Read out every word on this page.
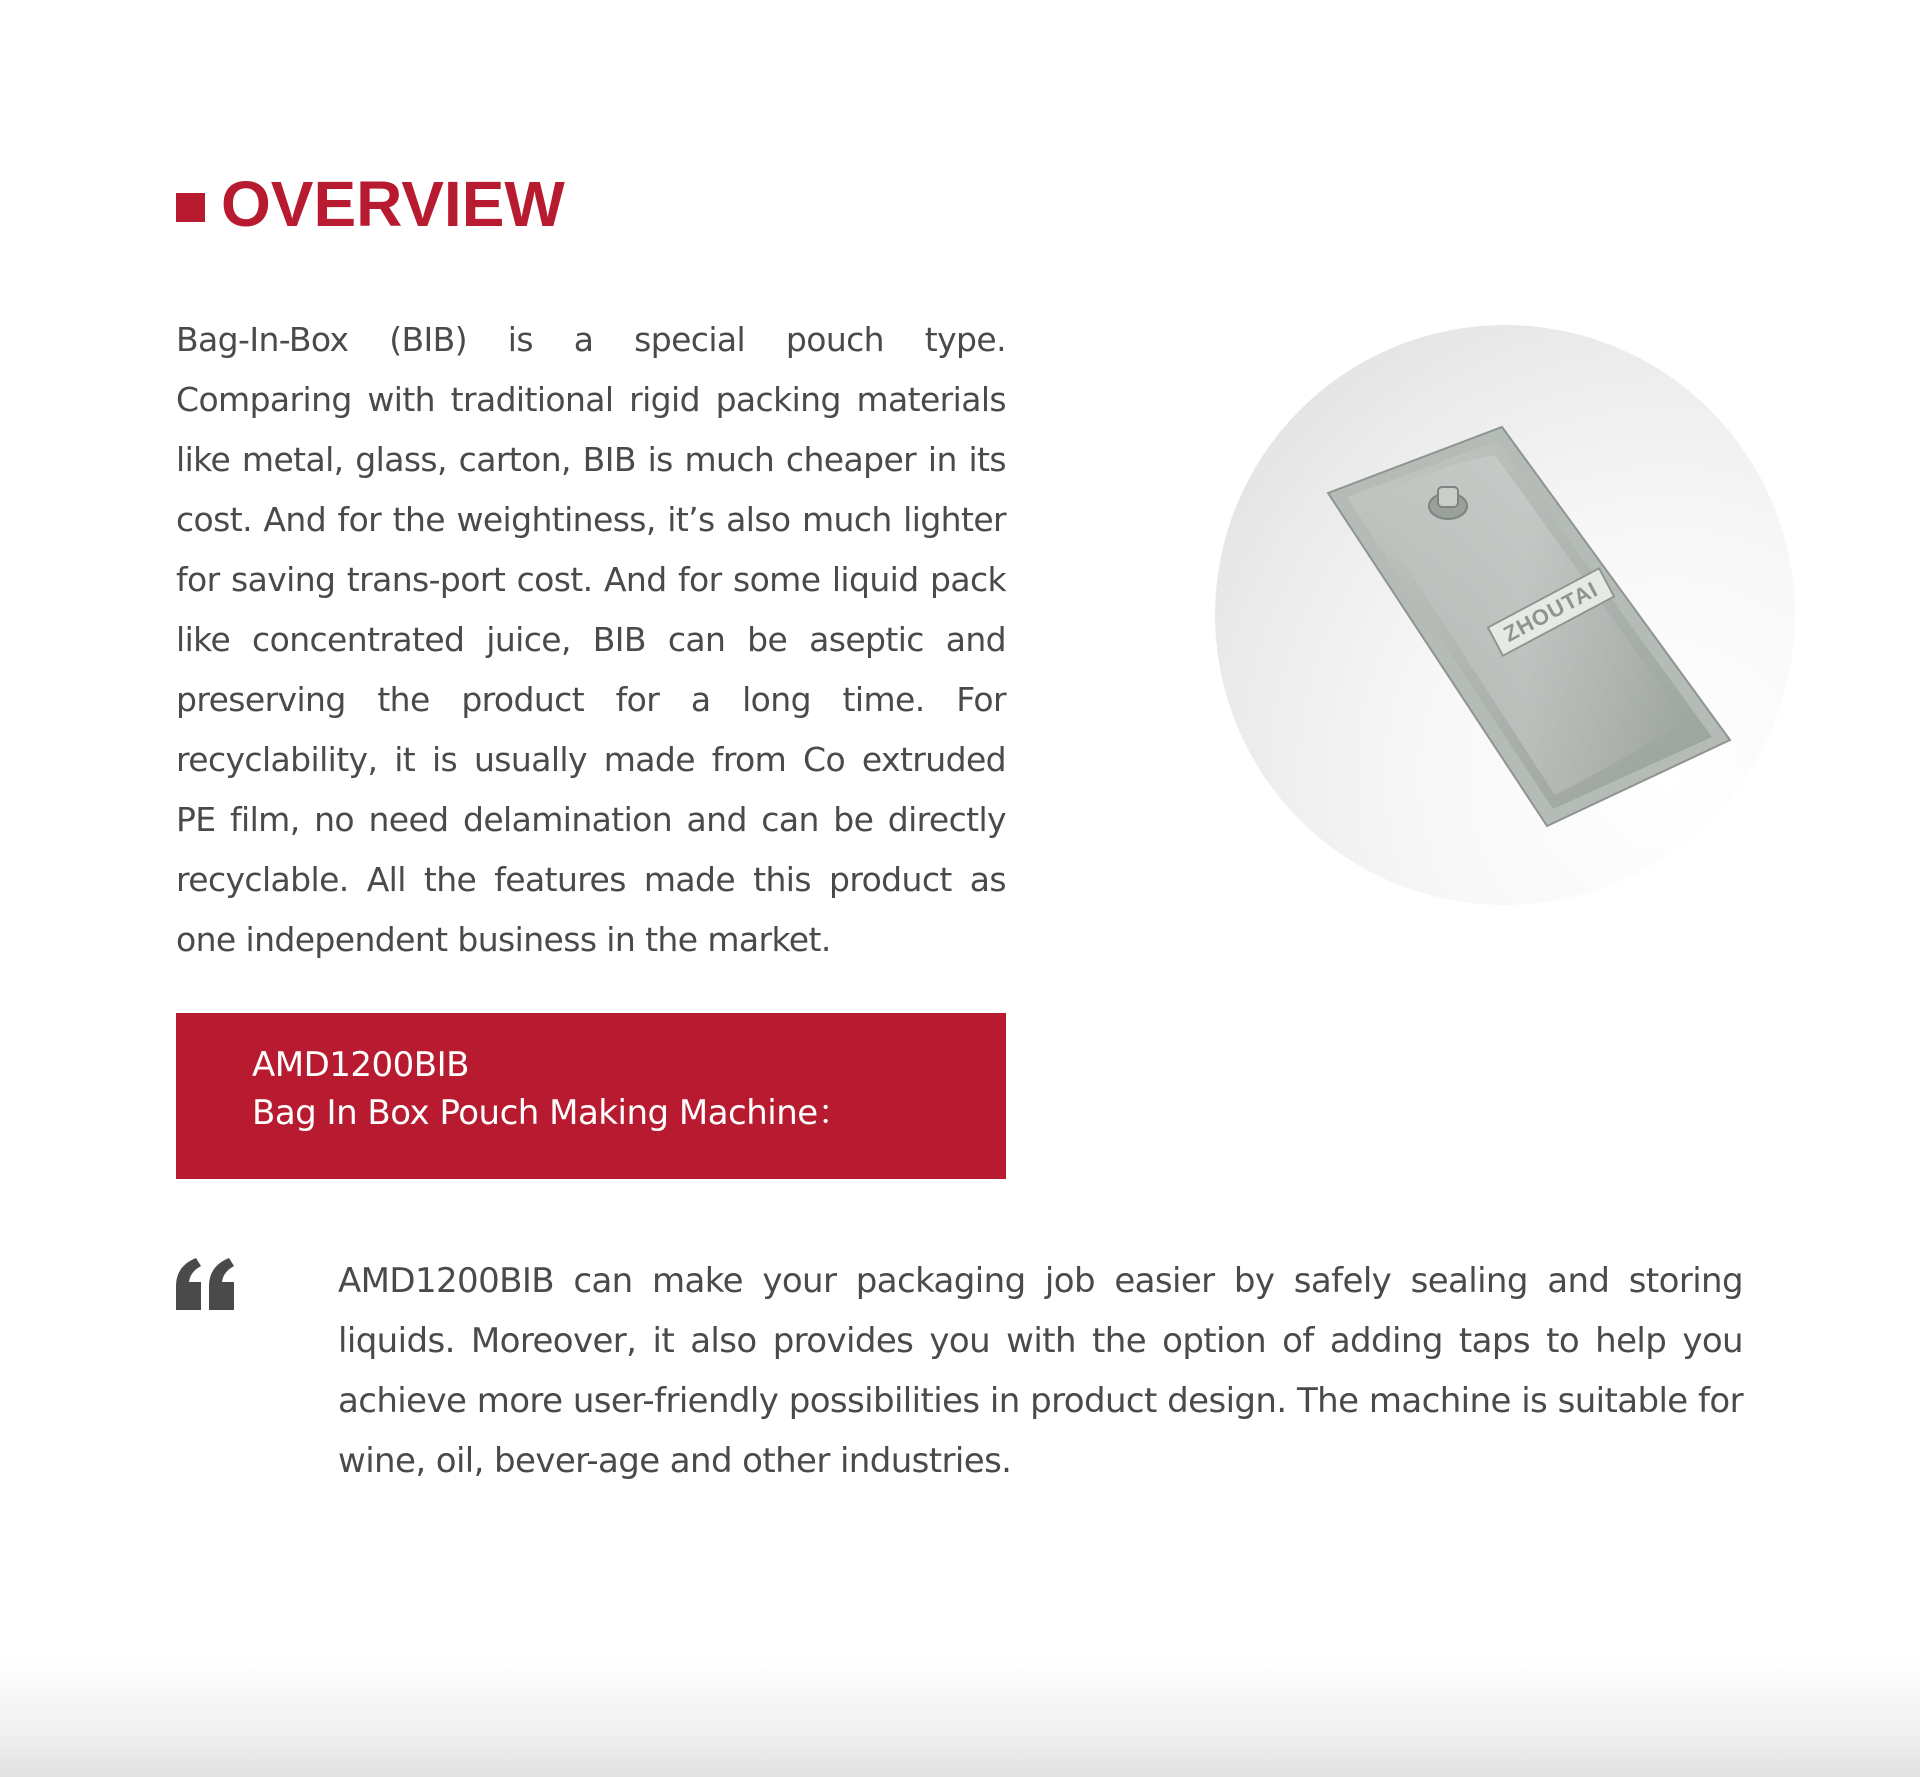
OVERVIEW

Bag-In-Box (BIB) is a special pouch type. Comparing with traditional rigid packing materials like metal, glass, carton, BIB is much cheaper in its cost. And for the weightiness, it’s also much lighter for saving trans-port cost. And for some liquid pack like concentrated juice, BIB can be aseptic and preserving the product for a long time. For recyclability, it is usually made from Co extruded PE film, no need delamination and can be directly recyclable. All the features made this product as one independent business in the market.

ZHOUTAI
AMD1200BIB
Bag In Box Pouch Making Machine：

AMD1200BIB can make your packaging job easier by safely sealing and storing liquids. Moreover, it also provides you with the option of adding taps to help you achieve more user-friendly possibilities in product design. The machine is suitable for wine, oil, bever-age and other industries.
